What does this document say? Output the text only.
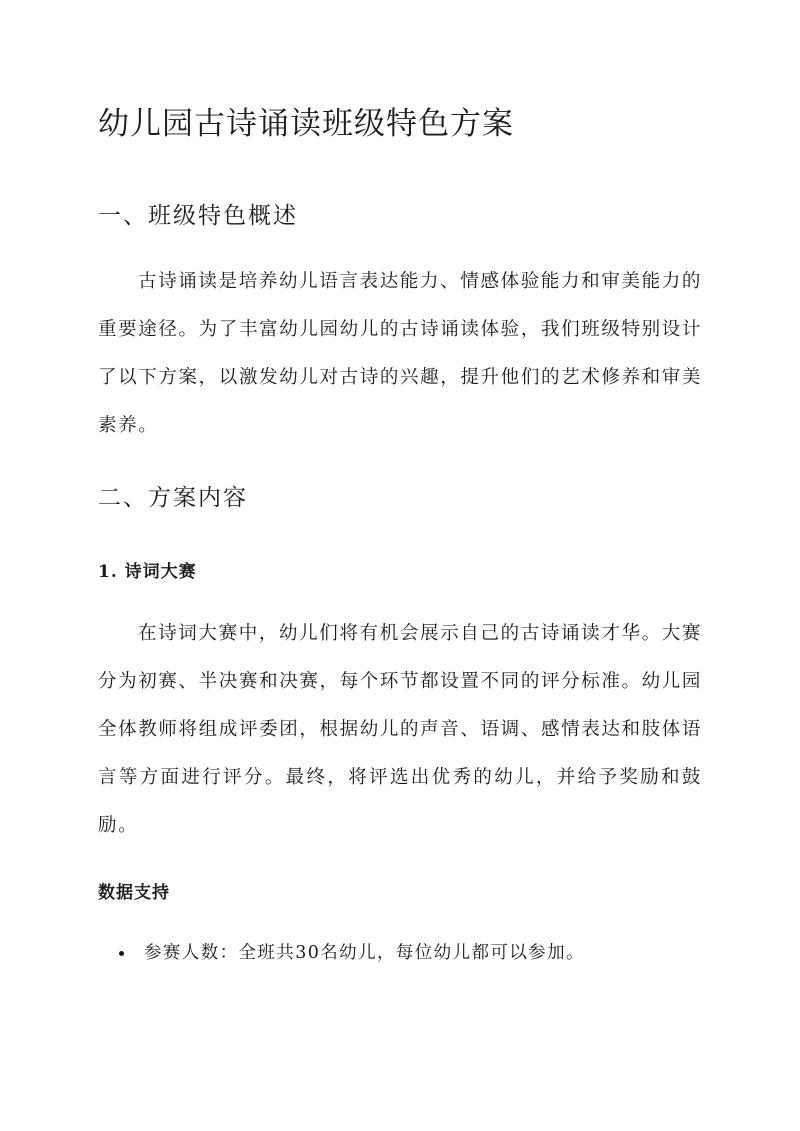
幼儿园古诗诵读班级特色方案
一、班级特色概述

古诗诵读是培养幼儿语言表达能力、情感体验能力和审美能力的重要途径。为了丰富幼儿园幼儿的古诗诵读体验，我们班级特别设计了以下方案，以激发幼儿对古诗的兴趣，提升他们的艺术修养和审美素养。

二、方案内容
1. 诗词大赛

在诗词大赛中，幼儿们将有机会展示自己的古诗诵读才华。大赛分为初赛、半决赛和决赛，每个环节都设置不同的评分标准。幼儿园全体教师将组成评委团，根据幼儿的声音、语调、感情表达和肢体语言等方面进行评分。最终，将评选出优秀的幼儿，并给予奖励和鼓励。

数据支持
参赛人数：全班共30名幼儿，每位幼儿都可以参加。
